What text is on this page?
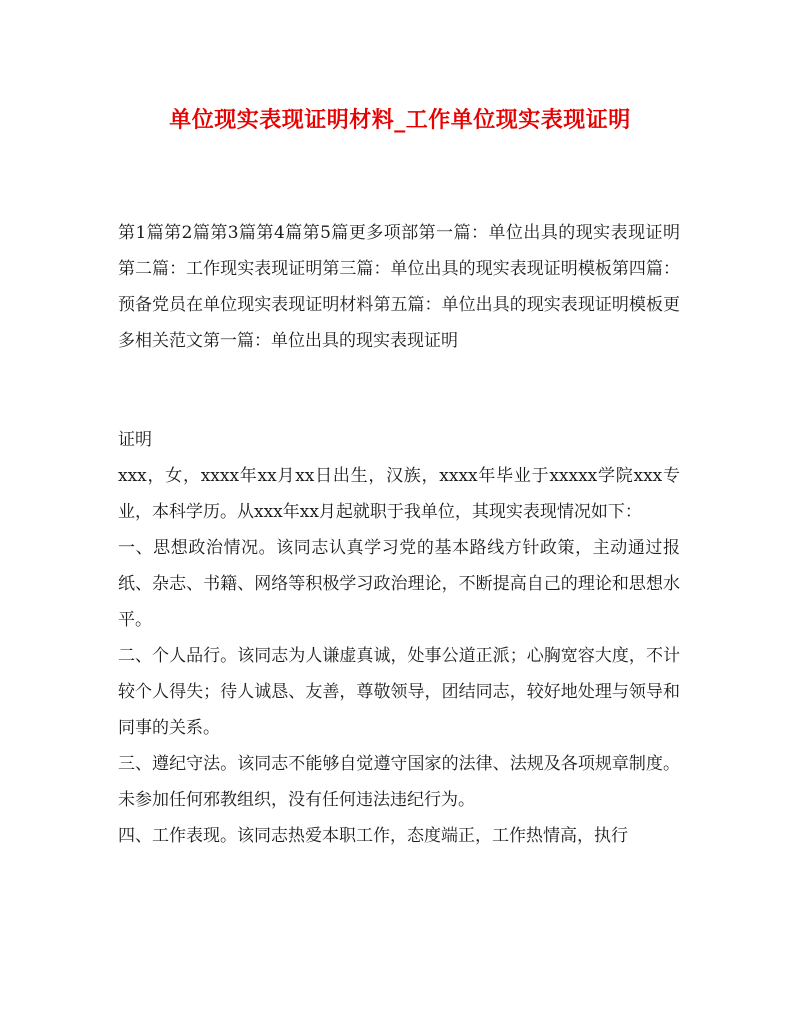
单位现实表现证明材料_工作单位现实表现证明

第1篇第2篇第3篇第4篇第5篇更多项部第一篇：单位出具的现实表现证明第二篇：工作现实表现证明第三篇：单位出具的现实表现证明模板第四篇：预备党员在单位现实表现证明材料第五篇：单位出具的现实表现证明模板更多相关范文第一篇：单位出具的现实表现证明

证明

xxx，女，xxxx年xx月xx日出生，汉族，xxxx年毕业于xxxxx学院xxx专业，本科学历。从xxx年xx月起就职于我单位，其现实表现情况如下：

一、思想政治情况。该同志认真学习党的基本路线方针政策，主动通过报纸、杂志、书籍、网络等积极学习政治理论，不断提高自己的理论和思想水平。

二、个人品行。该同志为人谦虚真诚，处事公道正派；心胸宽容大度，不计较个人得失；待人诚恳、友善，尊敬领导，团结同志，较好地处理与领导和同事的关系。

三、遵纪守法。该同志不能够自觉遵守国家的法律、法规及各项规章制度。未参加任何邪教组织，没有任何违法违纪行为。

四、工作表现。该同志热爱本职工作，态度端正，工作热情高，执行
